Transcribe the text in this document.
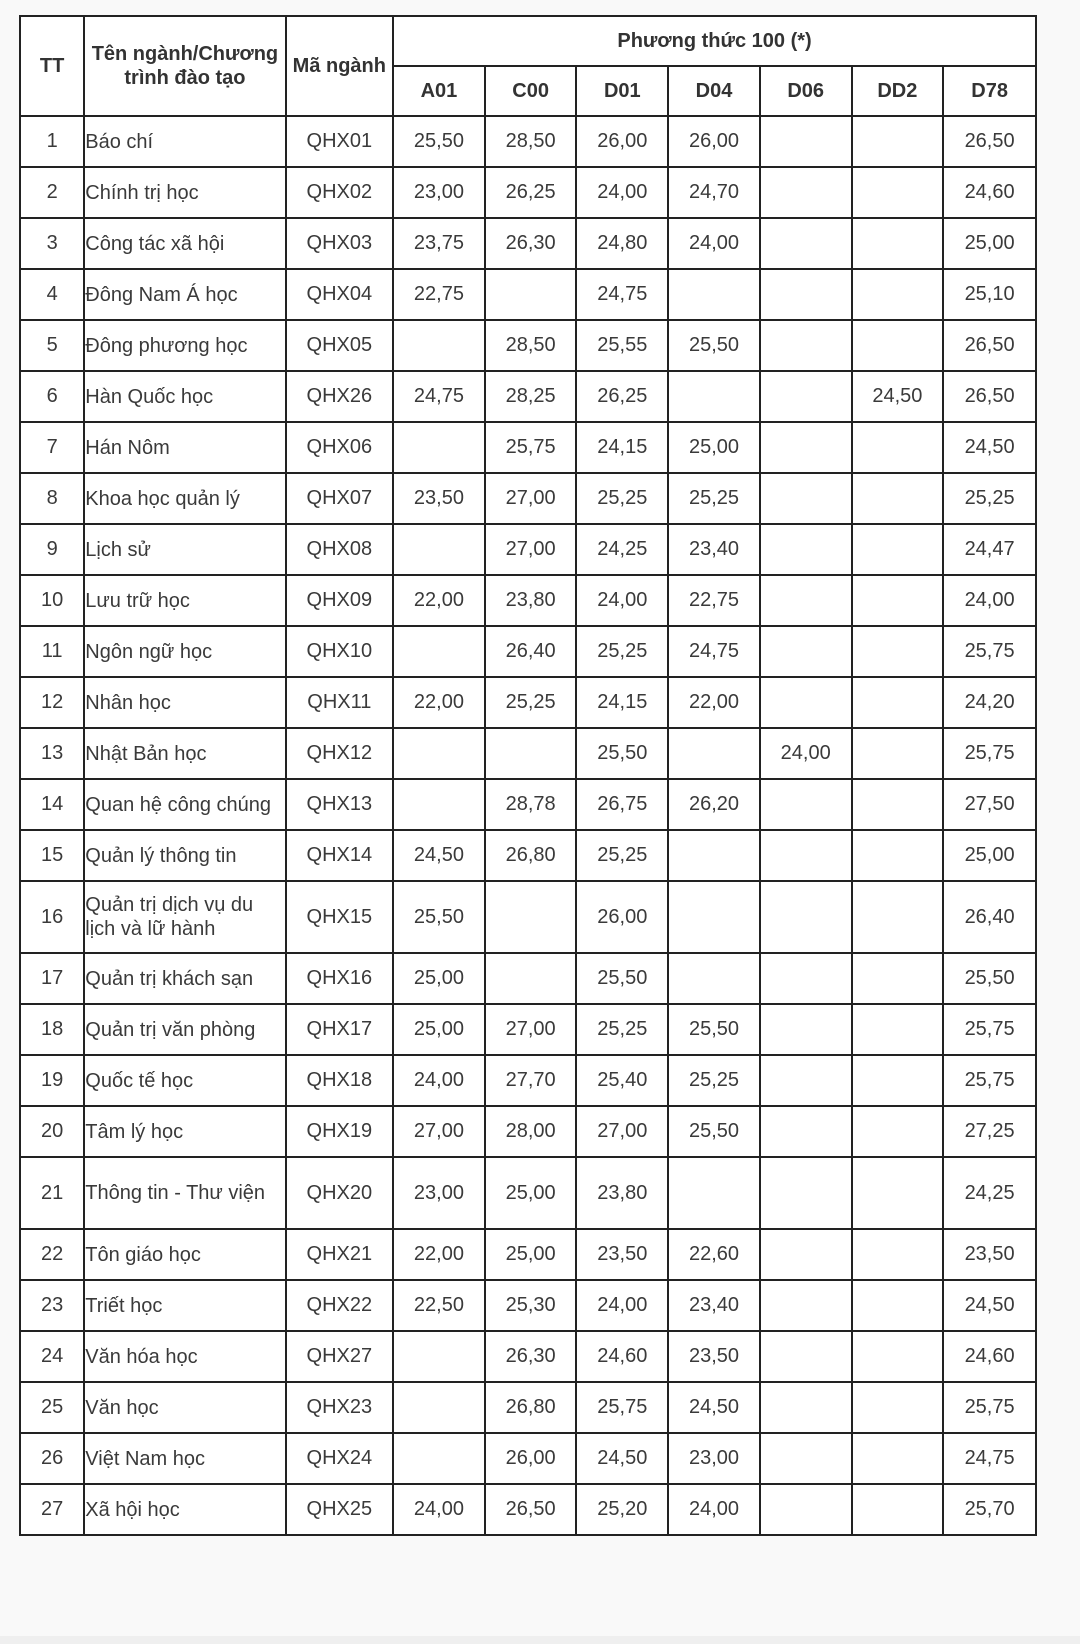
TT	Tên ngành/Chương trình đào tạo	Mã ngành	Phương thức 100 (*)						
			A01	C00	D01	D04	D06	DD2	D78
1	Báo chí	QHX01	25,50	28,50	26,00	26,00			26,50
2	Chính trị học	QHX02	23,00	26,25	24,00	24,70			24,60
3	Công tác xã hội	QHX03	23,75	26,30	24,80	24,00			25,00
4	Đông Nam Á học	QHX04	22,75		24,75				25,10
5	Đông phương học	QHX05		28,50	25,55	25,50			26,50
6	Hàn Quốc học	QHX26	24,75	28,25	26,25			24,50	26,50
7	Hán Nôm	QHX06		25,75	24,15	25,00			24,50
8	Khoa học quản lý	QHX07	23,50	27,00	25,25	25,25			25,25
9	Lịch sử	QHX08		27,00	24,25	23,40			24,47
10	Lưu trữ học	QHX09	22,00	23,80	24,00	22,75			24,00
11	Ngôn ngữ học	QHX10		26,40	25,25	24,75			25,75
12	Nhân học	QHX11	22,00	25,25	24,15	22,00			24,20
13	Nhật Bản học	QHX12			25,50		24,00		25,75
14	Quan hệ công chúng	QHX13		28,78	26,75	26,20			27,50
15	Quản lý thông tin	QHX14	24,50	26,80	25,25				25,00
16	Quản trị dịch vụ du lịch và lữ hành	QHX15	25,50		26,00				26,40
17	Quản trị khách sạn	QHX16	25,00		25,50				25,50
18	Quản trị văn phòng	QHX17	25,00	27,00	25,25	25,50			25,75
19	Quốc tế học	QHX18	24,00	27,70	25,40	25,25			25,75
20	Tâm lý học	QHX19	27,00	28,00	27,00	25,50			27,25
21	Thông tin - Thư viện	QHX20	23,00	25,00	23,80				24,25
22	Tôn giáo học	QHX21	22,00	25,00	23,50	22,60			23,50
23	Triết học	QHX22	22,50	25,30	24,00	23,40			24,50
24	Văn hóa học	QHX27		26,30	24,60	23,50			24,60
25	Văn học	QHX23		26,80	25,75	24,50			25,75
26	Việt Nam học	QHX24		26,00	24,50	23,00			24,75
27	Xã hội học	QHX25	24,00	26,50	25,20	24,00			25,70
